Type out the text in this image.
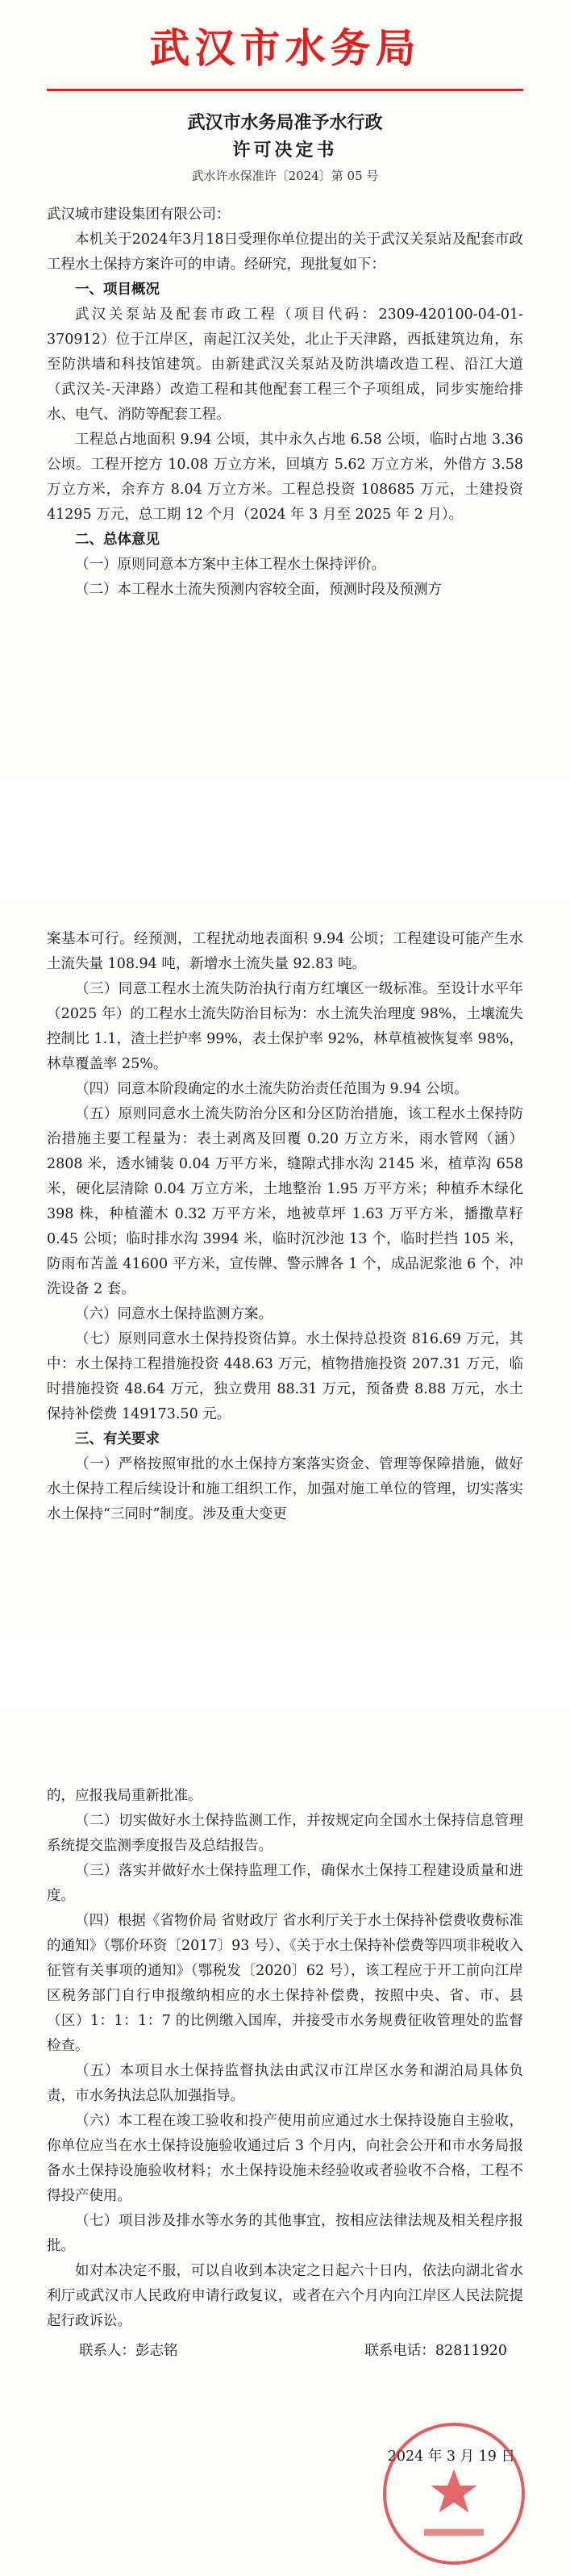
武汉市水务局
武汉市水务局准予水行政
许可决定书
武水许水保准许〔2024〕第 05 号

武汉城市建设集团有限公司：

本机关于2024年3月18日受理你单位提出的关于武汉关泵站及配套市政工程水土保持方案许可的申请。经研究，现批复如下：

一、项目概况

武汉关泵站及配套市政工程（项目代码：2309-420100-04-01-370912）位于江岸区，南起江汉关处，北止于天津路，西抵建筑边角，东至防洪墙和科技馆建筑。由新建武汉关泵站及防洪墙改造工程、沿江大道（武汉关-天津路）改造工程和其他配套工程三个子项组成，同步实施给排水、电气、消防等配套工程。

工程总占地面积 9.94 公顷，其中永久占地 6.58 公顷，临时占地 3.36 公顷。工程开挖方 10.08 万立方米，回填方 5.62 万立方米，外借方 3.58 万立方米，余弃方 8.04 万立方米。工程总投资 108685 万元，土建投资 41295 万元，总工期 12 个月（2024 年 3 月至 2025 年 2 月）。

二、总体意见

（一）原则同意本方案中主体工程水土保持评价。

（二）本工程水土流失预测内容较全面，预测时段及预测方

案基本可行。经预测，工程扰动地表面积 9.94 公顷；工程建设可能产生水土流失量 108.94 吨，新增水土流失量 92.83 吨。

（三）同意工程水土流失防治执行南方红壤区一级标准。至设计水平年（2025 年）的工程水土流失防治目标为：水土流失治理度 98%，土壤流失控制比 1.1，渣土拦护率 99%，表土保护率 92%，林草植被恢复率 98%，林草覆盖率 25%。

（四）同意本阶段确定的水土流失防治责任范围为 9.94 公顷。

（五）原则同意水土流失防治分区和分区防治措施，该工程水土保持防治措施主要工程量为：表土剥离及回覆 0.20 万立方米，雨水管网（涵）2808 米，透水铺装 0.04 万平方米，缝隙式排水沟 2145 米，植草沟 658 米，硬化层清除 0.04 万立方米，土地整治 1.95 万平方米；种植乔木绿化 398 株，种植灌木 0.32 万平方米，地被草坪 1.63 万平方米，播撒草籽 0.45 公顷；临时排水沟 3994 米，临时沉沙池 13 个，临时拦挡 105 米，防雨布苫盖 41600 平方米，宣传牌、警示牌各 1 个，成品泥浆池 6 个，冲洗设备 2 套。

（六）同意水土保持监测方案。

（七）原则同意水土保持投资估算。水土保持总投资 816.69 万元，其中：水土保持工程措施投资 448.63 万元，植物措施投资 207.31 万元，临时措施投资 48.64 万元，独立费用 88.31 万元，预备费 8.88 万元，水土保持补偿费 149173.50 元。

三、有关要求

（一）严格按照审批的水土保持方案落实资金、管理等保障措施，做好水土保持工程后续设计和施工组织工作，加强对施工单位的管理，切实落实水土保持“三同时”制度。涉及重大变更

的，应报我局重新批准。

（二）切实做好水土保持监测工作，并按规定向全国水土保持信息管理系统提交监测季度报告及总结报告。

（三）落实并做好水土保持监理工作，确保水土保持工程建设质量和进度。

（四）根据《省物价局 省财政厅 省水利厅关于水土保持补偿费收费标准的通知》（鄂价环资〔2017〕93 号）、《关于水土保持补偿费等四项非税收入征管有关事项的通知》（鄂税发〔2020〕62 号），该工程应于开工前向江岸区税务部门自行申报缴纳相应的水土保持补偿费，按照中央、省、市、县（区）1：1：1：7 的比例缴入国库，并接受市水务规费征收管理处的监督检查。

（五）本项目水土保持监督执法由武汉市江岸区水务和湖泊局具体负责，市水务执法总队加强指导。

（六）本工程在竣工验收和投产使用前应通过水土保持设施自主验收，你单位应当在水土保持设施验收通过后 3 个月内，向社会公开和市水务局报备水土保持设施验收材料；水土保持设施未经验收或者验收不合格，工程不得投产使用。

（七）项目涉及排水等水务的其他事宜，按相应法律法规及相关程序报批。

如对本决定不服，可以自收到本决定之日起六十日内，依法向湖北省水利厅或武汉市人民政府申请行政复议，或者在六个月内向江岸区人民法院提起行政诉讼。

联系人：彭志铭	联系电话：82811920
2024 年 3 月 19 日
